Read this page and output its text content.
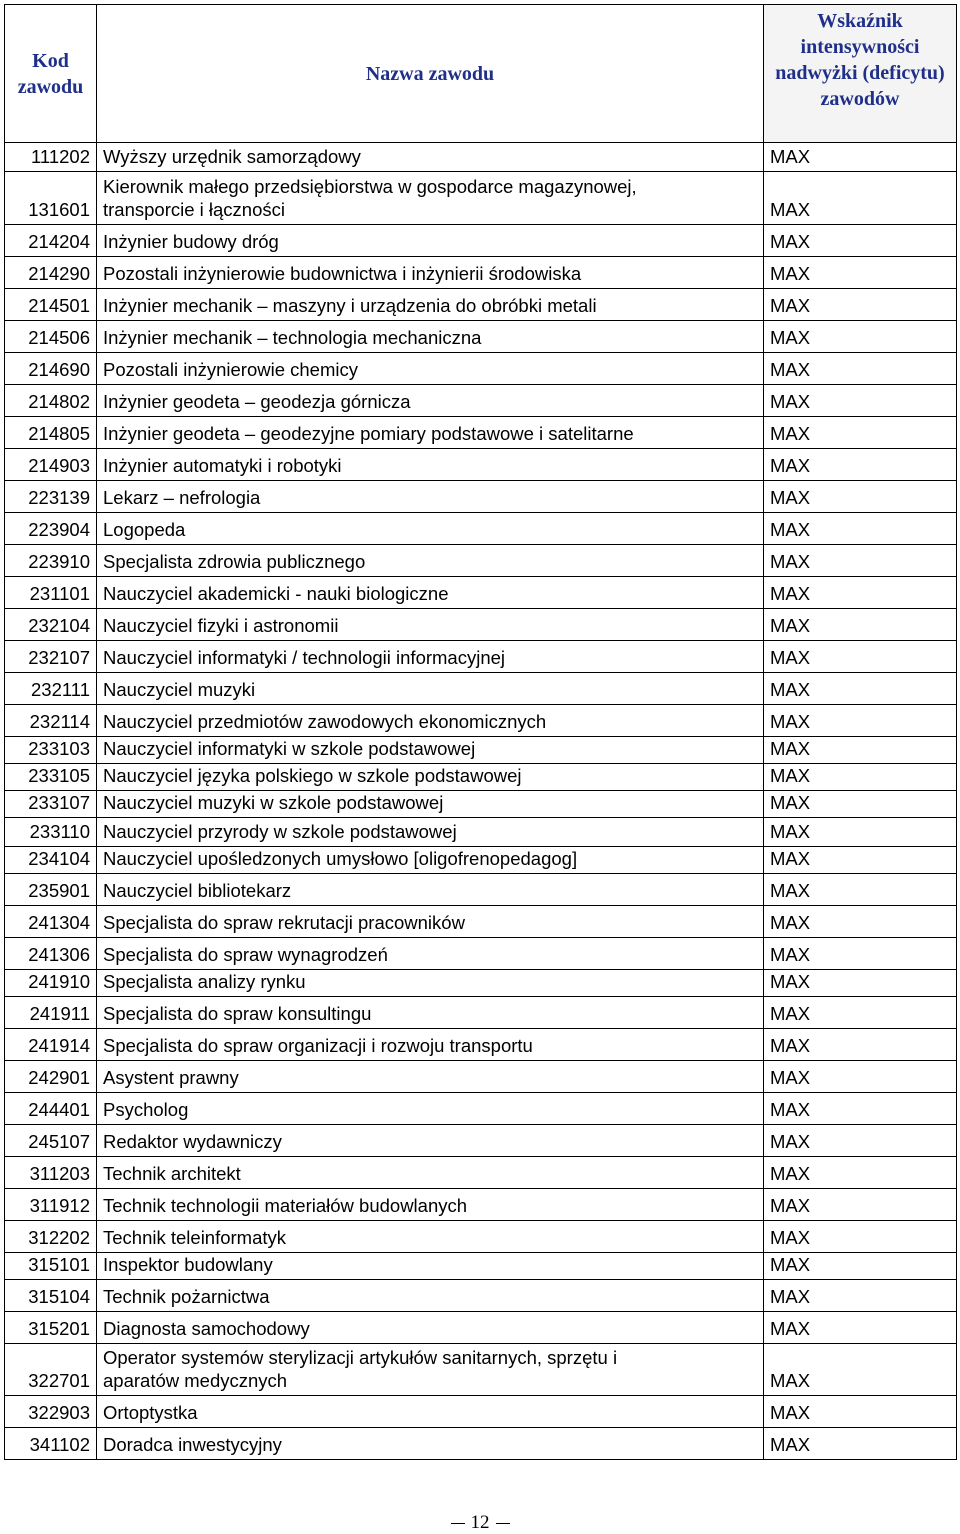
Kod zawodu	Nazwa zawodu	Wskaźnik intensywności nadwyżki (deficytu) zawodów
111202	Wyższy urzędnik samorządowy	MAX
131601	Kierownik małego przedsiębiorstwa w gospodarce magazynowej,
transporcie i łączności	MAX
214204	Inżynier budowy dróg	MAX
214290	Pozostali inżynierowie budownictwa i inżynierii środowiska	MAX
214501	Inżynier mechanik – maszyny i urządzenia do obróbki metali	MAX
214506	Inżynier mechanik – technologia mechaniczna	MAX
214690	Pozostali inżynierowie chemicy	MAX
214802	Inżynier geodeta – geodezja górnicza	MAX
214805	Inżynier geodeta – geodezyjne pomiary podstawowe i satelitarne	MAX
214903	Inżynier automatyki i robotyki	MAX
223139	Lekarz – nefrologia	MAX
223904	Logopeda	MAX
223910	Specjalista zdrowia publicznego	MAX
231101	Nauczyciel akademicki - nauki biologiczne	MAX
232104	Nauczyciel fizyki i astronomii	MAX
232107	Nauczyciel informatyki / technologii informacyjnej	MAX
232111	Nauczyciel muzyki	MAX
232114	Nauczyciel przedmiotów zawodowych ekonomicznych	MAX
233103	Nauczyciel informatyki w szkole podstawowej	MAX
233105	Nauczyciel języka polskiego w szkole podstawowej	MAX
233107	Nauczyciel muzyki w szkole podstawowej	MAX
233110	Nauczyciel przyrody w szkole podstawowej	MAX
234104	Nauczyciel upośledzonych umysłowo [oligofrenopedagog]	MAX
235901	Nauczyciel bibliotekarz	MAX
241304	Specjalista do spraw rekrutacji pracowników	MAX
241306	Specjalista do spraw wynagrodzeń	MAX
241910	Specjalista analizy rynku	MAX
241911	Specjalista do spraw konsultingu	MAX
241914	Specjalista do spraw organizacji i rozwoju transportu	MAX
242901	Asystent prawny	MAX
244401	Psycholog	MAX
245107	Redaktor wydawniczy	MAX
311203	Technik architekt	MAX
311912	Technik technologii materiałów budowlanych	MAX
312202	Technik teleinformatyk	MAX
315101	Inspektor budowlany	MAX
315104	Technik pożarnictwa	MAX
315201	Diagnosta samochodowy	MAX
322701	Operator systemów sterylizacji artykułów sanitarnych, sprzętu i
aparatów medycznych	MAX
322903	Ortoptystka	MAX
341102	Doradca inwestycyjny	MAX
12
